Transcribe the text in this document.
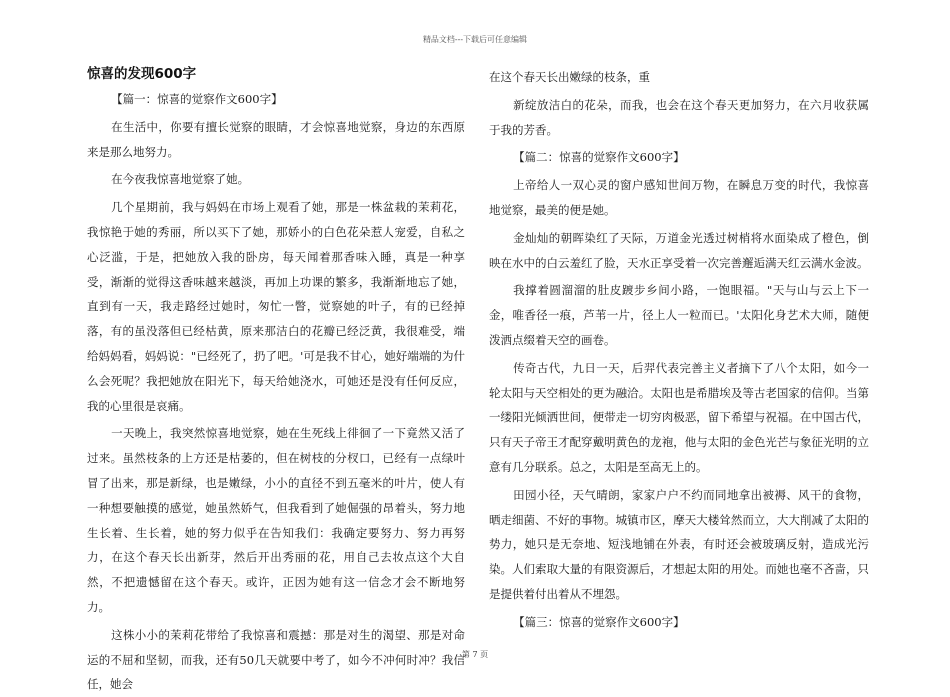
精品文档---下载后可任意编辑
惊喜的发现600字

【篇一：惊喜的觉察作文600字】

在生活中，你要有擅长觉察的眼睛，才会惊喜地觉察，身边的东西原来是那么地努力。

在今夜我惊喜地觉察了她。

几个星期前，我与妈妈在市场上观看了她，那是一株盆栽的茉莉花，我惊艳于她的秀丽，所以买下了她，那娇小的白色花朵惹人宠爱，自私之心泛滥，于是，把她放入我的卧房，每天闻着那香味入睡，真是一种享受，渐渐的觉得这香味越来越淡，再加上功课的繁多，我渐渐地忘了她，直到有一天，我走路经过她时，匆忙一瞥，觉察她的叶子，有的已经掉落，有的虽没落但已经枯黄，原来那洁白的花瓣已经泛黄，我很难受，端给妈妈看，妈妈说："已经死了，扔了吧。'可是我不甘心，她好端端的为什么会死呢？我把她放在阳光下，每天给她浇水，可她还是没有任何反应，我的心里很是哀痛。

一天晚上，我突然惊喜地觉察，她在生死线上徘徊了一下竟然又活了过来。虽然枝条的上方还是枯萎的，但在树枝的分杈口，已经有一点绿叶冒了出来，那是新绿，也是嫩绿，小小的直径不到五毫米的叶片，使人有一种想要触摸的感觉，她虽然娇气，但我看到了她倔强的昂着头，努力地生长着、生长着，她的努力似乎在告知我们：我确定要努力、努力再努力，在这个春天长出新芽，然后开出秀丽的花，用自己去妆点这个大自然，不把遗憾留在这个春天。或许，正因为她有这一信念才会不断地努力。

这株小小的茉莉花带给了我惊喜和震撼：那是对生的渴望、那是对命运的不屈和坚韧，而我，还有50几天就要中考了，如今不冲何时冲？我信任，她会

在这个春天长出嫩绿的枝条，重

新绽放洁白的花朵，而我，也会在这个春天更加努力，在六月收获属于我的芳香。

【篇二：惊喜的觉察作文600字】

上帝给人一双心灵的窗户感知世间万物，在瞬息万变的时代，我惊喜地觉察，最美的便是她。

金灿灿的朝晖染红了天际，万道金光透过树梢将水面染成了橙色，倒映在水中的白云羞红了脸，天水正享受着一次完善邂逅满天红云满水金波。

我撑着圆溜溜的肚皮踱步乡间小路，一饱眼福。"天与山与云上下一金，唯香径一痕，芦苇一片，径上人一粒而已。'太阳化身艺术大师，随便泼洒点缀着天空的画卷。

传奇古代，九日一天，后羿代表完善主义者摘下了八个太阳，如今一轮太阳与天空相处的更为融洽。太阳也是希腊埃及等古老国家的信仰。当第一缕阳光倾洒世间，便带走一切穷肉极恶，留下希望与祝福。在中国古代，只有天子帝王才配穿戴明黄色的龙袍，他与太阳的金色光芒与象征光明的立意有几分联系。总之，太阳是至高无上的。

田园小径，天气晴朗，家家户户不约而同地拿出被褥、风干的食物，晒走细菌、不好的事物。城镇市区，摩天大楼耸然而立，大大削减了太阳的势力，她只是无奈地、短浅地铺在外表，有时还会被玻璃反射，造成光污染。人们索取大量的有限资源后，才想起太阳的用处。而她也毫不吝啬，只是提供着付出着从不埋怨。

【篇三：惊喜的觉察作文600字】

第 7 页
